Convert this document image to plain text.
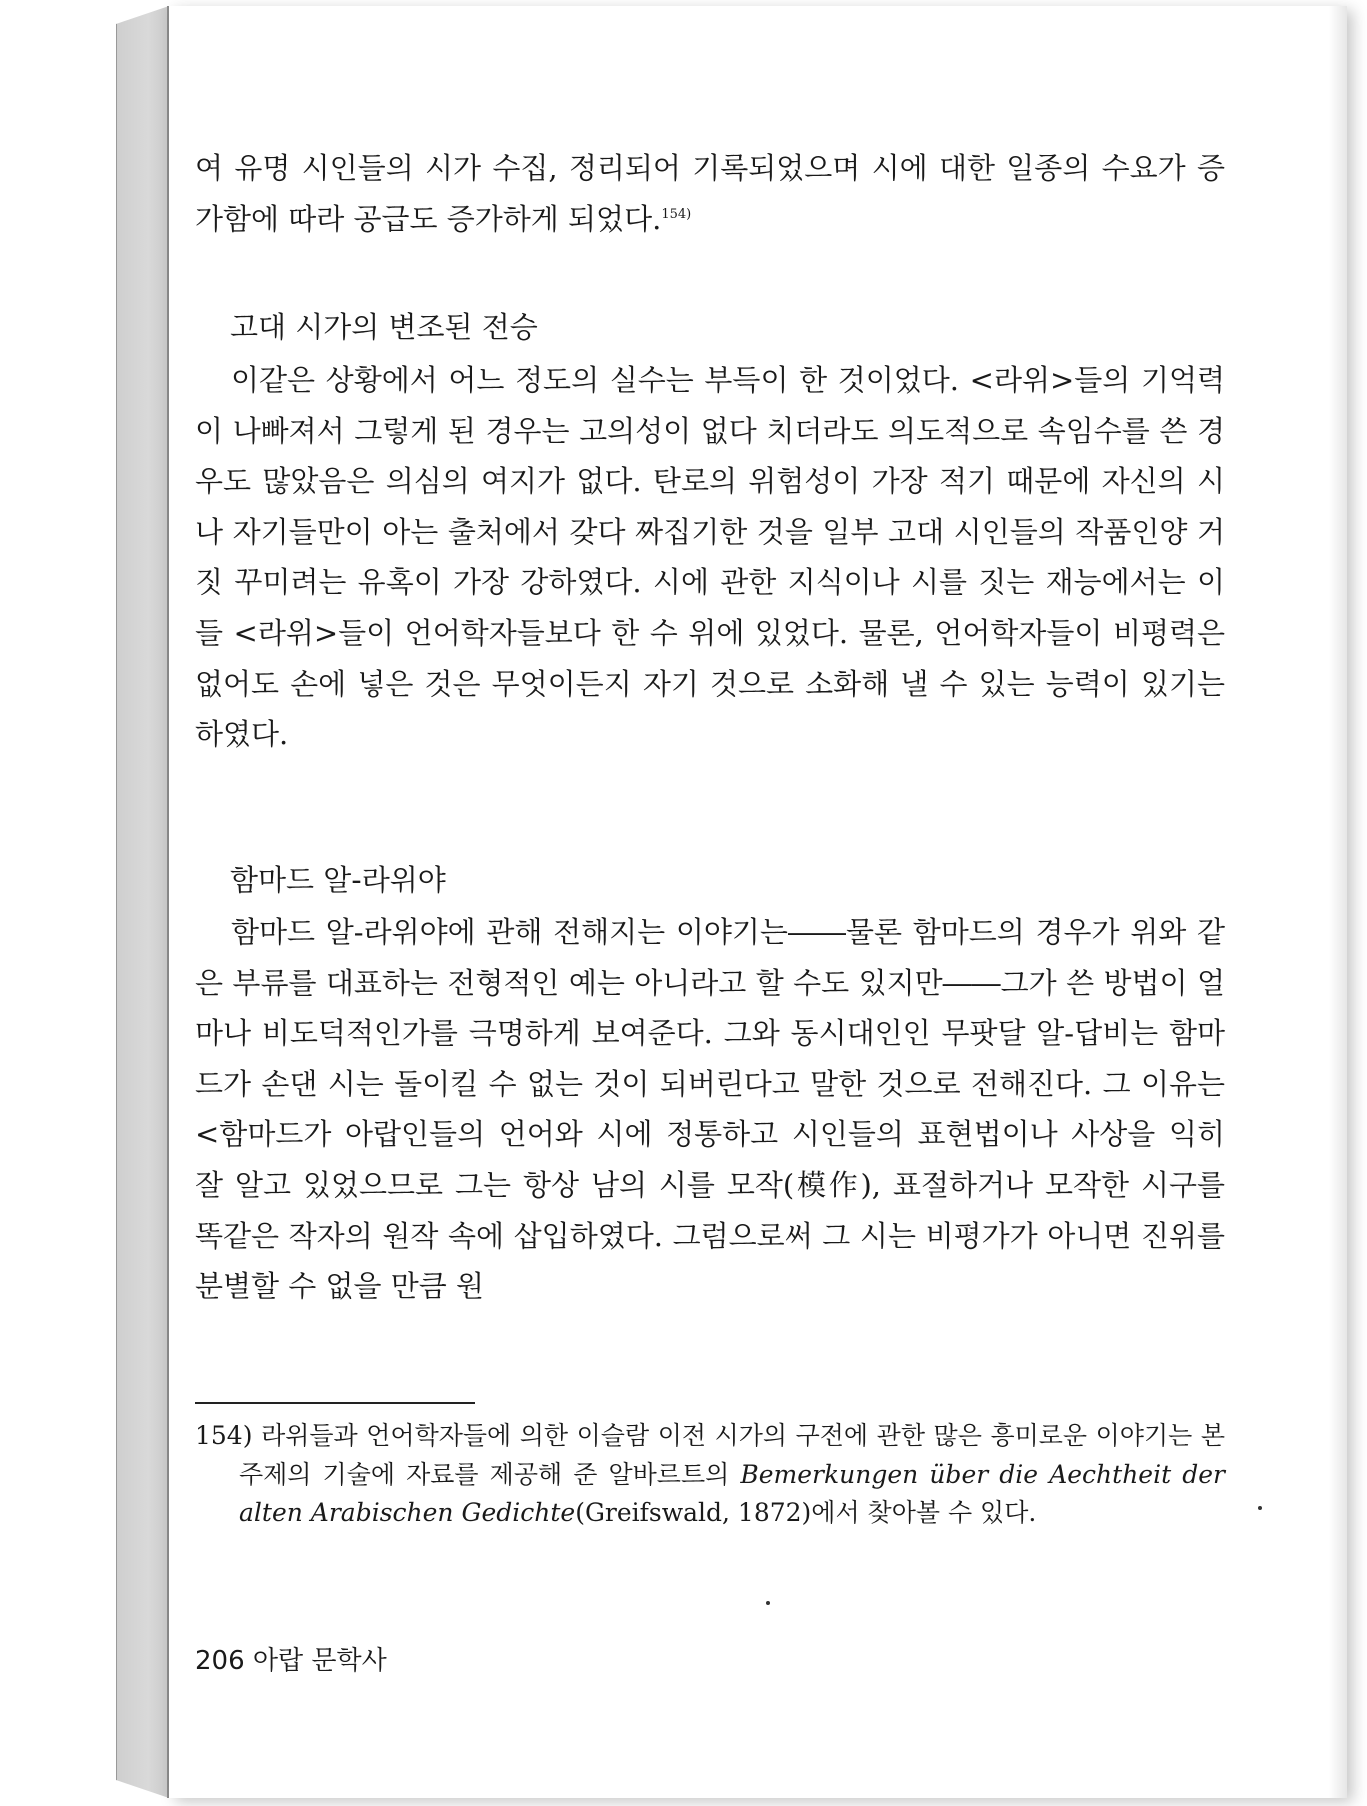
여 유명 시인들의 시가 수집, 정리되어 기록되었으며 시에 대한 일종의 수요가 증가함에 따라 공급도 증가하게 되었다.$^{154)}$

고대 시가의 변조된 전승

이같은 상황에서 어느 정도의 실수는 부득이 한 것이었다. <라위>들의 기억력이 나빠져서 그렇게 된 경우는 고의성이 없다 치더라도 의도적으로 속임수를 쓴 경우도 많았음은 의심의 여지가 없다. 탄로의 위험성이 가장 적기 때문에 자신의 시나 자기들만이 아는 출처에서 갖다 짜집기한 것을 일부 고대 시인들의 작품인양 거짓 꾸미려는 유혹이 가장 강하였다. 시에 관한 지식이나 시를 짓는 재능에서는 이들 <라위>들이 언어학자들보다 한 수 위에 있었다. 물론, 언어학자들이 비평력은 없어도 손에 넣은 것은 무엇이든지 자기 것으로 소화해 낼 수 있는 능력이 있기는 하였다.

함마드 알-라위야

함마드 알-라위야에 관해 전해지는 이야기는――물론 함마드의 경우가 위와 같은 부류를 대표하는 전형적인 예는 아니라고 할 수도 있지만――그가 쓴 방법이 얼마나 비도덕적인가를 극명하게 보여준다. 그와 동시대인인 무팟달 알-답비는 함마드가 손댄 시는 돌이킬 수 없는 것이 되버린다고 말한 것으로 전해진다. 그 이유는 <함마드가 아랍인들의 언어와 시에 정통하고 시인들의 표현법이나 사상을 익히 잘 알고 있었으므로 그는 항상 남의 시를 모작(模作), 표절하거나 모작한 시구를 똑같은 작자의 원작 속에 삽입하였다. 그럼으로써 그 시는 비평가가 아니면 진위를 분별할 수 없을 만큼 원

154) 라위들과 언어학자들에 의한 이슬람 이전 시가의 구전에 관한 많은 흥미로운 이야기는 본 주제의 기술에 자료를 제공해 준 알바르트의 Bemerkungen über die Aechtheit der alten Arabischen Gedichte(Greifswald, 1872)에서 찾아볼 수 있다.
206 아랍 문학사
